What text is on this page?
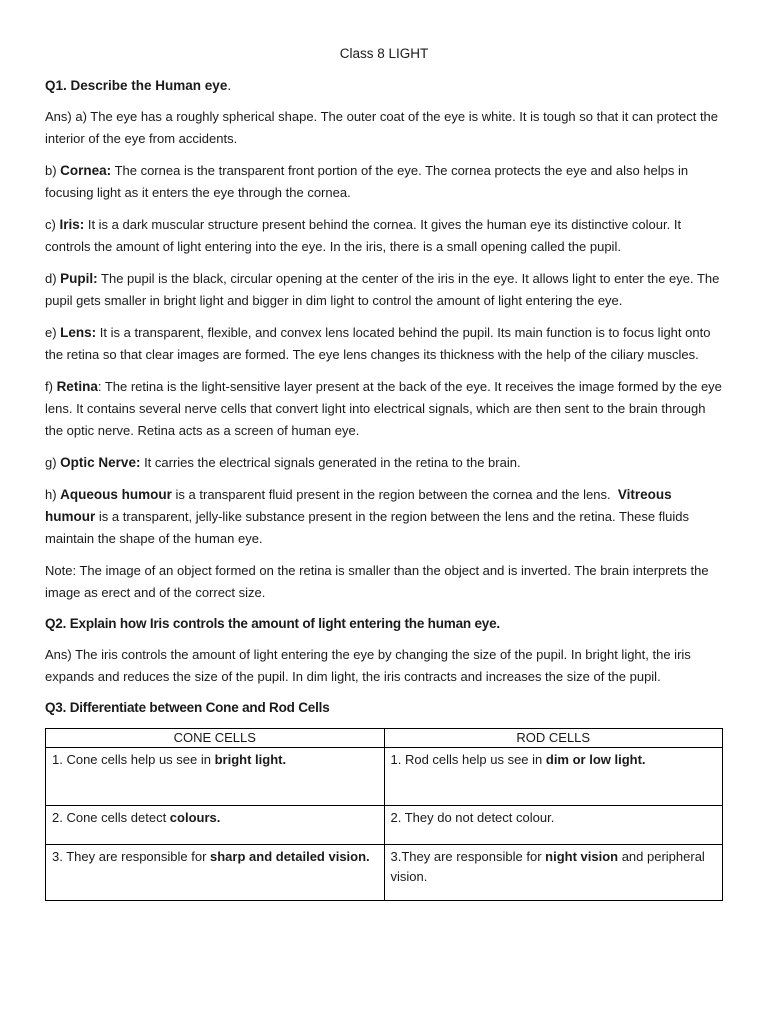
Class 8 LIGHT
Q1. Describe the Human eye.

Ans) a) The eye has a roughly spherical shape. The outer coat of the eye is white. It is tough so that it can protect the interior of the eye from accidents.

b) Cornea: The cornea is the transparent front portion of the eye. The cornea protects the eye and also helps in focusing light as it enters the eye through the cornea.

c) Iris: It is a dark muscular structure present behind the cornea. It gives the human eye its distinctive colour. It controls the amount of light entering into the eye. In the iris, there is a small opening called the pupil.

d) Pupil: The pupil is the black, circular opening at the center of the iris in the eye. It allows light to enter the eye. The pupil gets smaller in bright light and bigger in dim light to control the amount of light entering the eye.

e) Lens: It is a transparent, flexible, and convex lens located behind the pupil. Its main function is to focus light onto the retina so that clear images are formed. The eye lens changes its thickness with the help of the ciliary muscles.

f) Retina: The retina is the light-sensitive layer present at the back of the eye. It receives the image formed by the eye lens. It contains several nerve cells that convert light into electrical signals, which are then sent to the brain through the optic nerve. Retina acts as a screen of human eye.

g) Optic Nerve: It carries the electrical signals generated in the retina to the brain.

h) Aqueous humour is a transparent fluid present in the region between the cornea and the lens.  Vitreous humour is a transparent, jelly-like substance present in the region between the lens and the retina. These fluids maintain the shape of the human eye.

Note: The image of an object formed on the retina is smaller than the object and is inverted. The brain interprets the image as erect and of the correct size.

Q2. Explain how Iris controls the amount of light entering the human eye.

Ans) The iris controls the amount of light entering the eye by changing the size of the pupil. In bright light, the iris expands and reduces the size of the pupil. In dim light, the iris contracts and increases the size of the pupil.

Q3. Differentiate between Cone and Rod Cells
CONE CELLS	ROD CELLS
1. Cone cells help us see in bright light.	1. Rod cells help us see in dim or low light.
2. Cone cells detect colours.	2. They do not detect colour.
3. They are responsible for sharp and detailed vision.	3.They are responsible for night vision and peripheral vision.
